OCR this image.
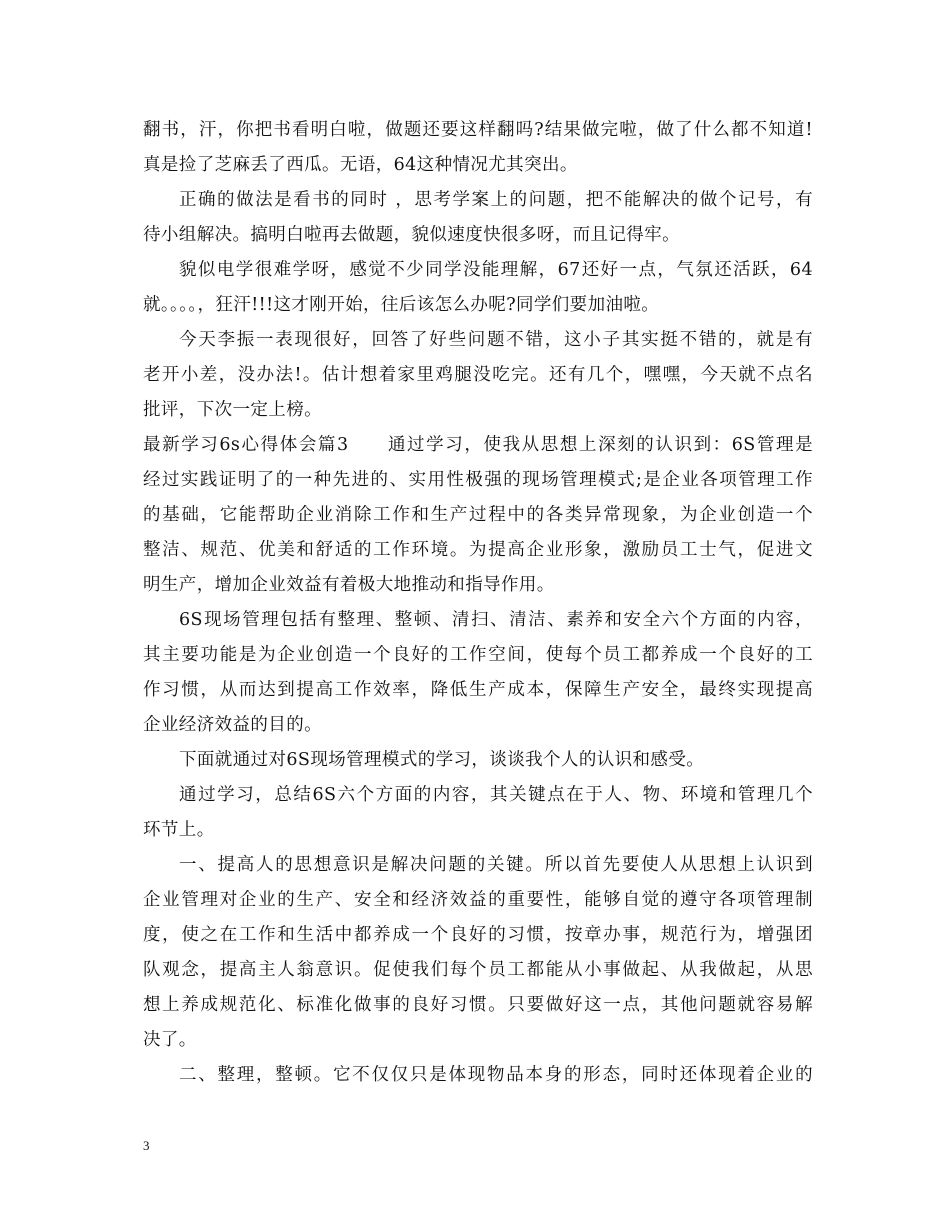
翻书，汗，你把书看明白啦，做题还要这样翻吗?结果做完啦，做了什么都不知道!
真是捡了芝麻丢了西瓜。无语，64这种情况尤其突出。
正确的做法是看书的同时 ，思考学案上的问题，把不能解决的做个记号，有
待小组解决。搞明白啦再去做题，貌似速度快很多呀，而且记得牢。
貌似电学很难学呀，感觉不少同学没能理解，67还好一点，气氛还活跃，64
就。。。。，狂汗!!!这才刚开始，往后该怎么办呢?同学们要加油啦。
今天李振一表现很好，回答了好些问题不错，这小子其实挺不错的，就是有
老开小差，没办法!。估计想着家里鸡腿没吃完。还有几个，嘿嘿，今天就不点名
批评，下次一定上榜。
最新学习6s心得体会篇3　　通过学习，使我从思想上深刻的认识到：6S管理是
经过实践证明了的一种先进的、实用性极强的现场管理模式;是企业各项管理工作
的基础，它能帮助企业消除工作和生产过程中的各类异常现象，为企业创造一个
整洁、规范、优美和舒适的工作环境。为提高企业形象，激励员工士气，促进文
明生产，增加企业效益有着极大地推动和指导作用。
6S现场管理包括有整理、整顿、清扫、清洁、素养和安全六个方面的内容，
其主要功能是为企业创造一个良好的工作空间，使每个员工都养成一个良好的工
作习惯，从而达到提高工作效率，降低生产成本，保障生产安全，最终实现提高
企业经济效益的目的。
下面就通过对6S现场管理模式的学习，谈谈我个人的认识和感受。
通过学习，总结6S六个方面的内容，其关键点在于人、物、环境和管理几个
环节上。
一、提高人的思想意识是解决问题的关键。所以首先要使人从思想上认识到
企业管理对企业的生产、安全和经济效益的重要性，能够自觉的遵守各项管理制
度，使之在工作和生活中都养成一个良好的习惯，按章办事，规范行为，增强团
队观念，提高主人翁意识。促使我们每个员工都能从小事做起、从我做起，从思
想上养成规范化、标准化做事的良好习惯。只要做好这一点，其他问题就容易解
决了。
二、整理，整顿。它不仅仅只是体现物品本身的形态，同时还体现着企业的
3
